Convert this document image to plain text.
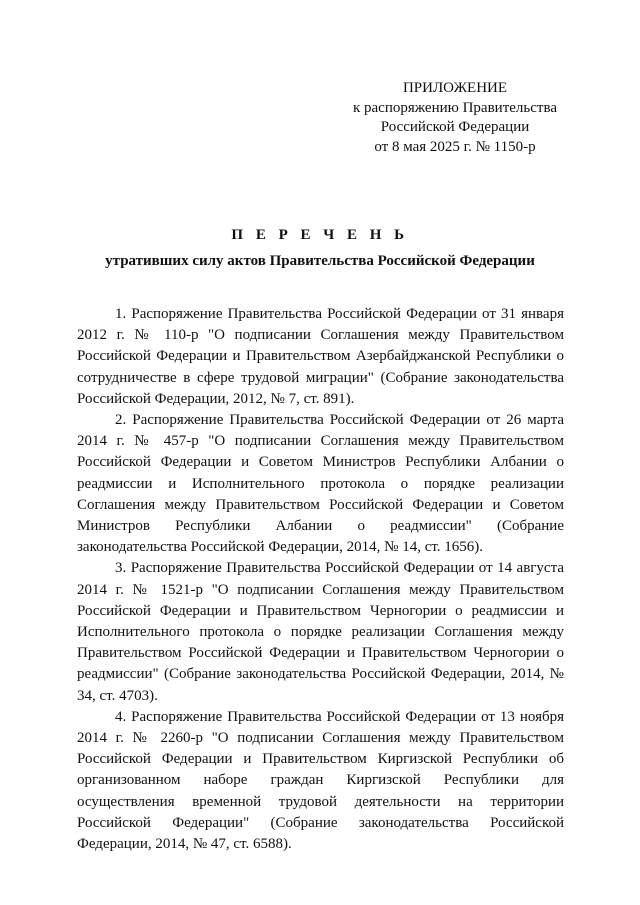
ПРИЛОЖЕНИЕ
к распоряжению Правительства
Российской Федерации
от 8 мая 2025 г. № 1150-р
П Е Р Е Ч Е Н Ь
утративших силу актов Правительства Российской Федерации

1. Распоряжение Правительства Российской Федерации от 31 января 2012 г. № 110-р "О подписании Соглашения между Правительством Российской Федерации и Правительством Азербайджанской Республики о сотрудничестве в сфере трудовой миграции" (Собрание законодательства Российской Федерации, 2012, № 7, ст. 891).

2. Распоряжение Правительства Российской Федерации от 26 марта 2014 г. № 457-р "О подписании Соглашения между Правительством Российской Федерации и Советом Министров Республики Албании о реадмиссии и Исполнительного протокола о порядке реализации Соглашения между Правительством Российской Федерации и Советом Министров Республики Албании о реадмиссии" (Собрание законодательства Российской Федерации, 2014, № 14, ст. 1656).

3. Распоряжение Правительства Российской Федерации от 14 августа 2014 г. № 1521-р "О подписании Соглашения между Правительством Российской Федерации и Правительством Черногории о реадмиссии и Исполнительного протокола о порядке реализации Соглашения между Правительством Российской Федерации и Правительством Черногории о реадмиссии" (Собрание законодательства Российской Федерации, 2014, № 34, ст. 4703).

4. Распоряжение Правительства Российской Федерации от 13 ноября 2014 г. № 2260-р "О подписании Соглашения между Правительством Российской Федерации и Правительством Киргизской Республики об организованном наборе граждан Киргизской Республики для осуществления временной трудовой деятельности на территории Российской Федерации" (Собрание законодательства Российской Федерации, 2014, № 47, ст. 6588).
